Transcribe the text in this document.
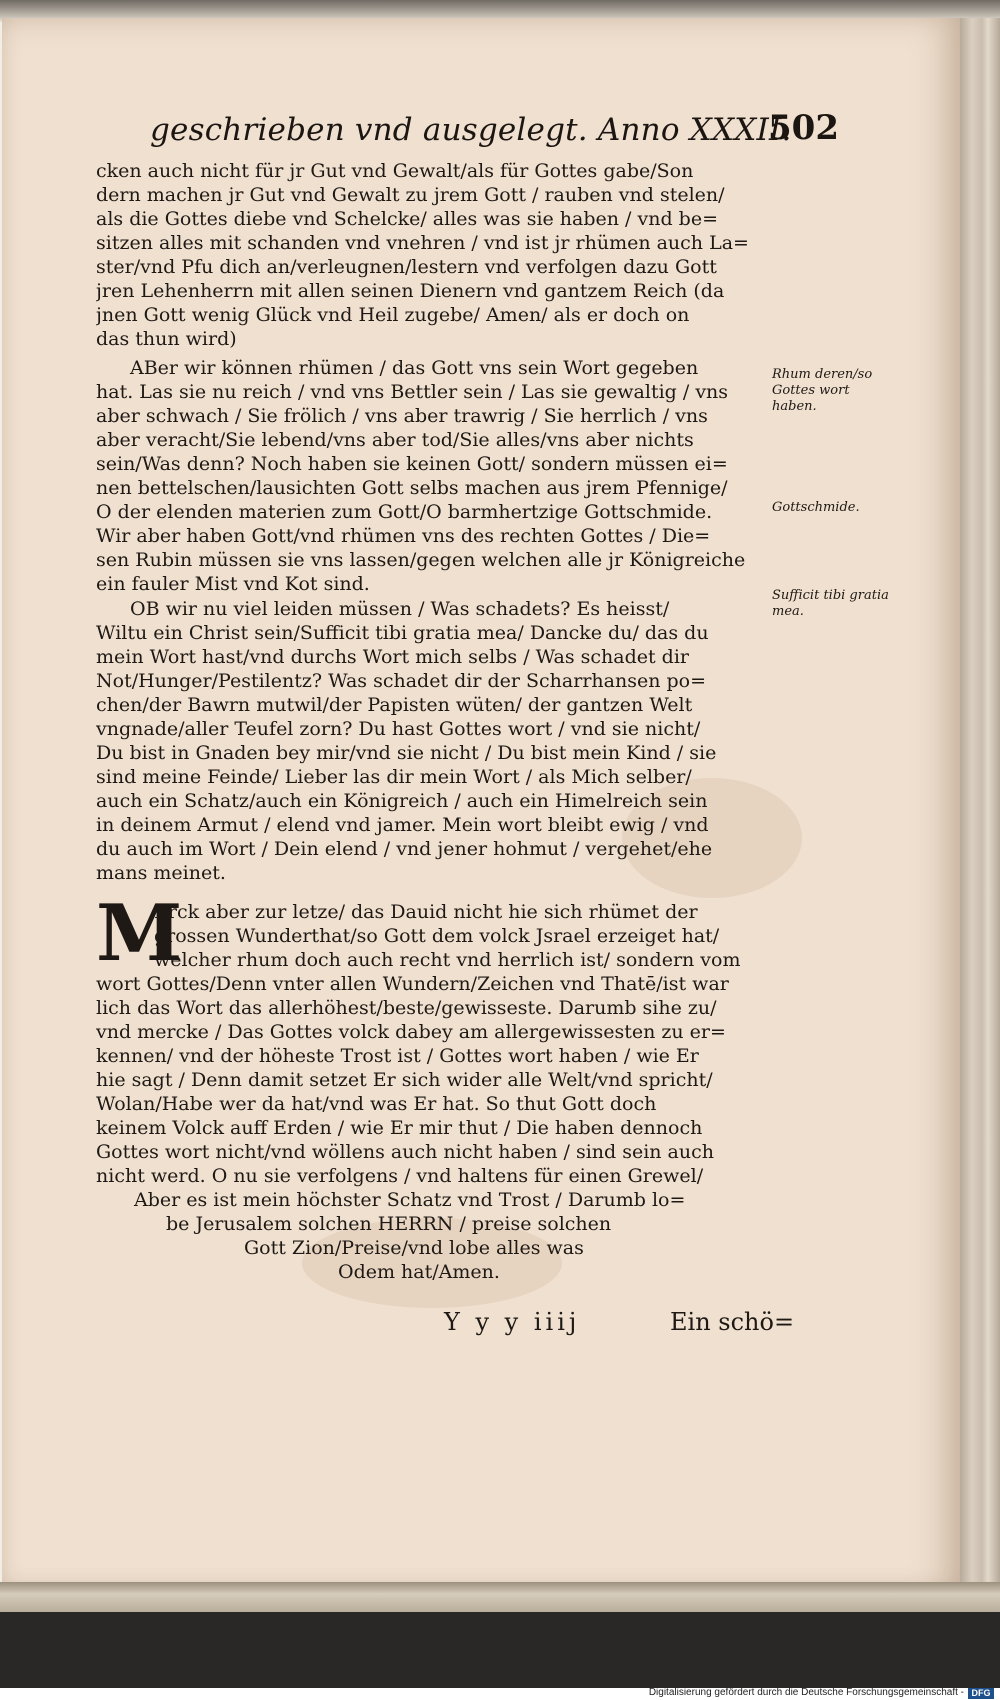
geschrieben vnd ausgelegt. Anno XXXII.
502
cken auch nicht für jr Gut vnd Gewalt/als für Gottes gabe/Son
dern machen jr Gut vnd Gewalt zu jrem Gott / rauben vnd stelen/
als die Gottes diebe vnd Schelcke/ alles was sie haben / vnd be=
sitzen alles mit schanden vnd vnehren / vnd ist jr rhümen auch La=
ster/vnd Pfu dich an/verleugnen/lestern vnd verfolgen dazu Gott
jren Lehenherrn mit allen seinen Dienern vnd gantzem Reich (da
jnen Gott wenig Glück vnd Heil zugebe/ Amen/ als er doch on
das thun wird)
ABer wir können rhümen / das Gott vns sein Wort gegeben
hat. Las sie nu reich / vnd vns Bettler sein / Las sie gewaltig / vns
aber schwach / Sie frölich / vns aber trawrig / Sie herrlich / vns
aber veracht/Sie lebend/vns aber tod/Sie alles/vns aber nichts
sein/Was denn? Noch haben sie keinen Gott/ sondern müssen ei=
nen bettelschen/lausichten Gott selbs machen aus jrem Pfennige/
O der elenden materien zum Gott/O barmhertzige Gottschmide.
Wir aber haben Gott/vnd rhümen vns des rechten Gottes / Die=
sen Rubin müssen sie vns lassen/gegen welchen alle jr Königreiche
ein fauler Mist vnd Kot sind.
OB wir nu viel leiden müssen / Was schadets? Es heisst/
Wiltu ein Christ sein/Sufficit tibi gratia mea/ Dancke du/ das du
mein Wort hast/vnd durchs Wort mich selbs / Was schadet dir
Not/Hunger/Pestilentz? Was schadet dir der Scharrhansen po=
chen/der Bawrn mutwil/der Papisten wüten/ der gantzen Welt
vngnade/aller Teufel zorn? Du hast Gottes wort / vnd sie nicht/
Du bist in Gnaden bey mir/vnd sie nicht / Du bist mein Kind / sie
sind meine Feinde/ Lieber las dir mein Wort / als Mich selber/
auch ein Schatz/auch ein Königreich / auch ein Himelreich sein
in deinem Armut / elend vnd jamer. Mein wort bleibt ewig / vnd
du auch im Wort / Dein elend / vnd jener hohmut / vergehet/ehe
mans meinet.
M
Erck aber zur letze/ das Dauid nicht hie sich rhümet der
grossen Wunderthat/so Gott dem volck Jsrael erzeiget hat/
welcher rhum doch auch recht vnd herrlich ist/ sondern vom
wort Gottes/Denn vnter allen Wundern/Zeichen vnd Thatē/ist war
lich das Wort das allerhöhest/beste/gewisseste. Darumb sihe zu/
vnd mercke / Das Gottes volck dabey am allergewissesten zu er=
kennen/ vnd der höheste Trost ist / Gottes wort haben / wie Er
hie sagt / Denn damit setzet Er sich wider alle Welt/vnd spricht/
Wolan/Habe wer da hat/vnd was Er hat. So thut Gott doch
keinem Volck auff Erden / wie Er mir thut / Die haben dennoch
Gottes wort nicht/vnd wöllens auch nicht haben / sind sein auch
nicht werd. O nu sie verfolgens / vnd haltens für einen Grewel/
Aber es ist mein höchster Schatz vnd Trost / Darumb lo=
be Jerusalem solchen HERRN / preise solchen
Gott Zion/Preise/vnd lobe alles was
Odem hat/Amen.
Rhum deren/so
Gottes wort
haben.
Gottschmide.
Sufficit tibi gratia
mea.
Y y y iiij	Ein schö=
Digitalisierung gefördert durch die Deutsche Forschungsgemeinschaft - DFG
